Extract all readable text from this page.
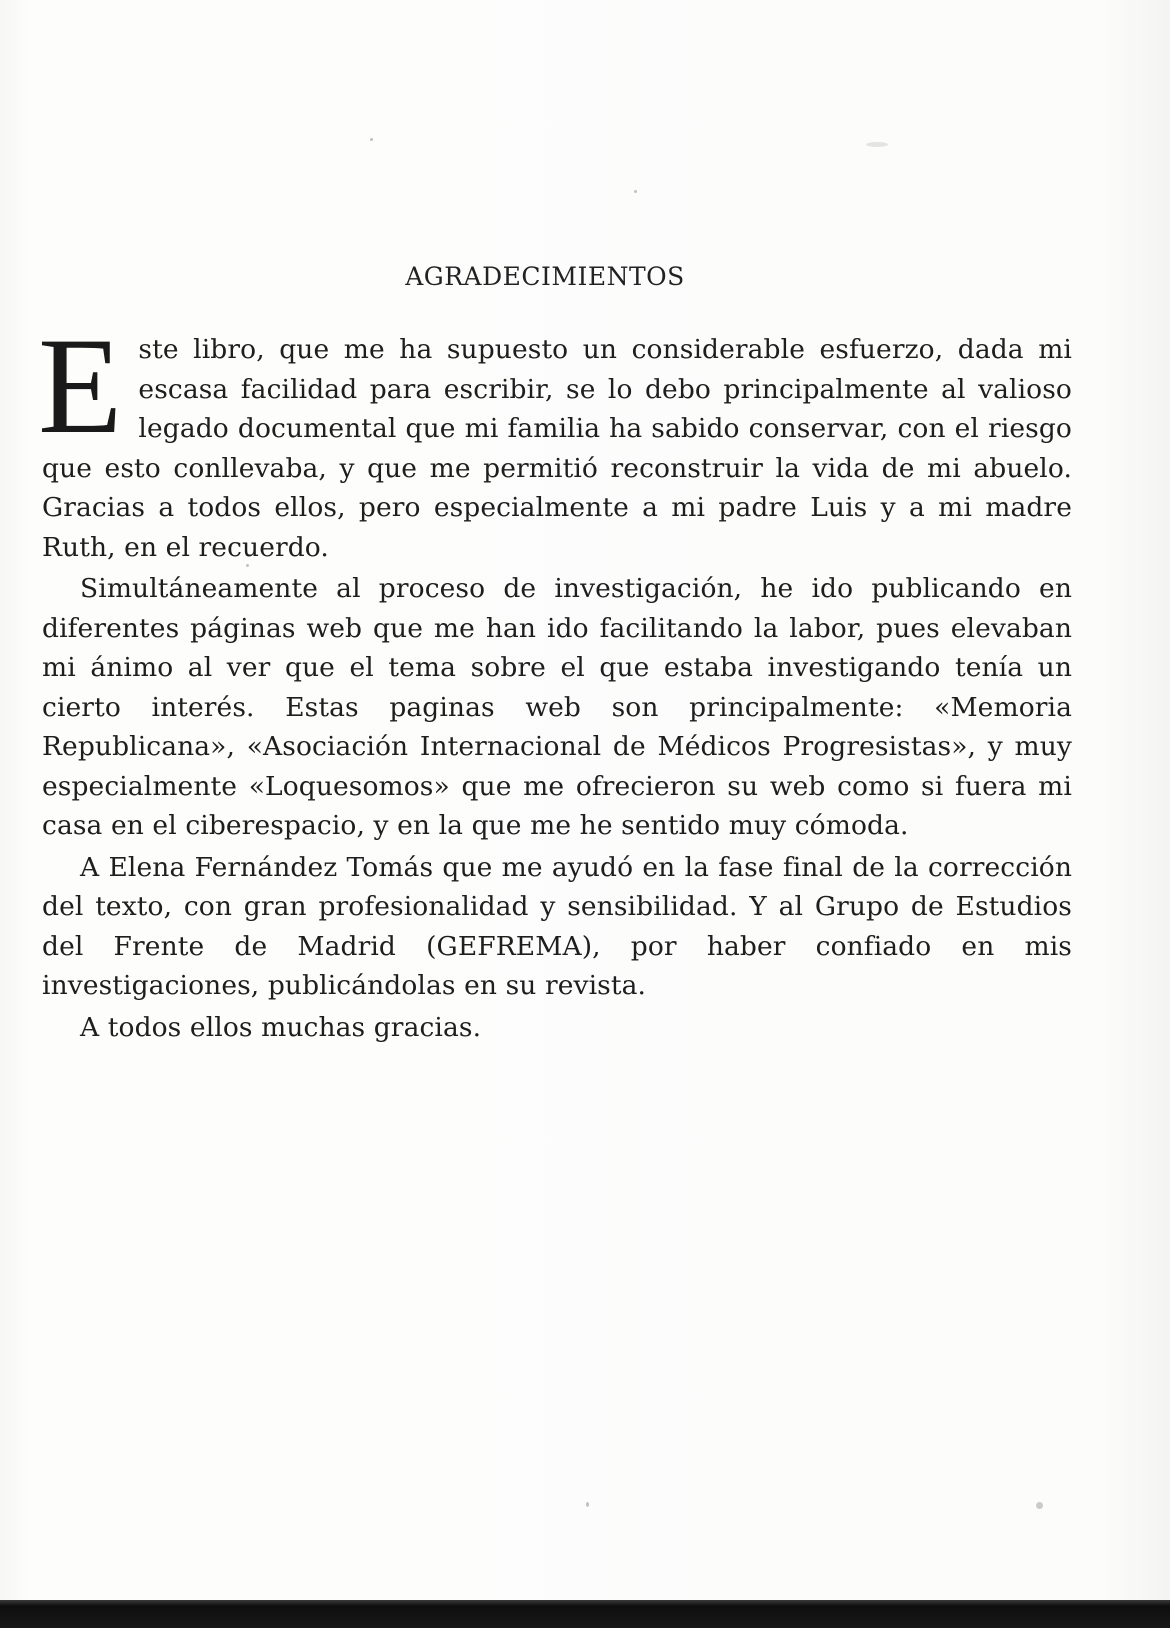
AGRADECIMIENTOS

Este libro, que me ha supuesto un considerable esfuerzo, dada mi escasa facilidad para escribir, se lo debo principalmente al valioso legado documental que mi familia ha sabido conservar, con el riesgo que esto conllevaba, y que me permitió reconstruir la vida de mi abuelo. Gracias a todos ellos, pero especialmente a mi padre Luis y a mi madre Ruth, en el recuerdo.

Simultáneamente al proceso de investigación, he ido publicando en diferentes páginas web que me han ido facilitando la labor, pues elevaban mi ánimo al ver que el tema sobre el que estaba investigando tenía un cierto interés. Estas paginas web son principalmente: «Memoria Republicana», «Asociación Internacional de Médicos Progresistas», y muy especialmente «Loquesomos» que me ofrecieron su web como si fuera mi casa en el ciberespacio, y en la que me he sentido muy cómoda.

A Elena Fernández Tomás que me ayudó en la fase final de la corrección del texto, con gran profesionalidad y sensibilidad. Y al Grupo de Estudios del Frente de Madrid (GEFREMA), por haber confiado en mis investigaciones, publicándolas en su revista.

A todos ellos muchas gracias.
